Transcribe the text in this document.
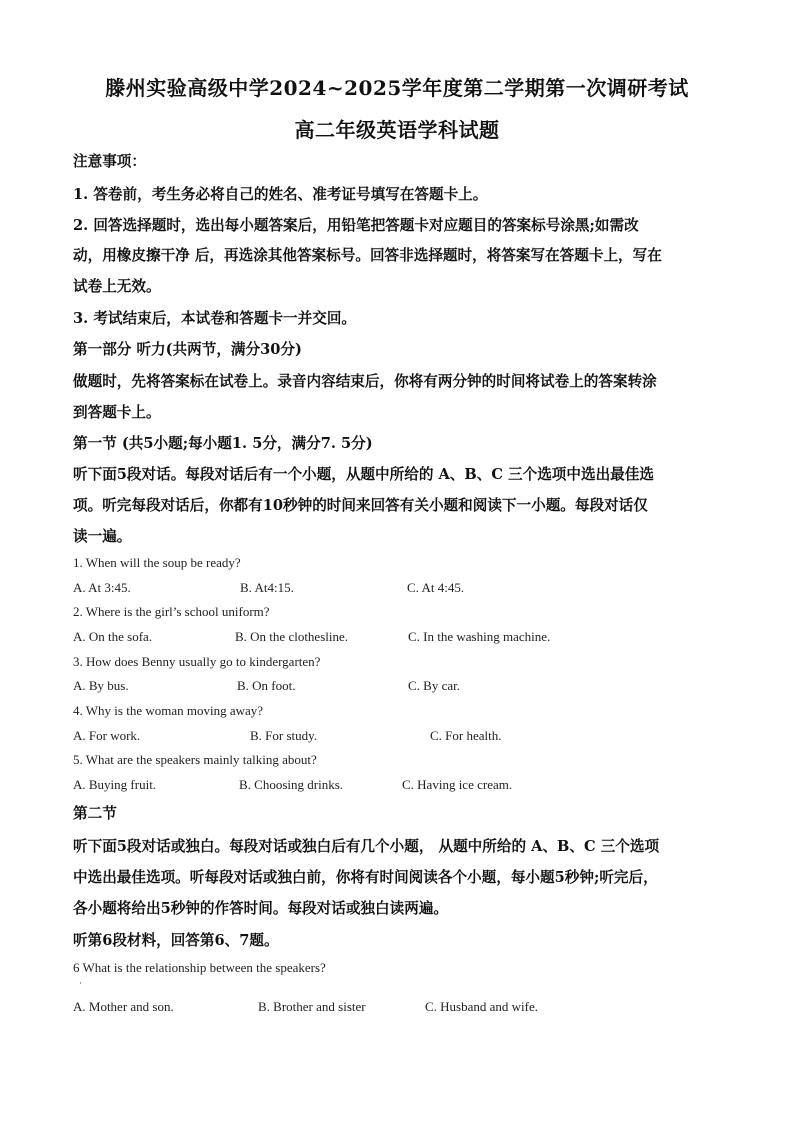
滕州实验高级中学2024~2025学年度第二学期第一次调研考试
高二年级英语学科试题
注意事项：
1. 答卷前，考生务必将自己的姓名、准考证号填写在答题卡上。
2. 回答选择题时，选出每小题答案后，用铅笔把答题卡对应题目的答案标号涂黑;如需改
动，用橡皮擦干净 后，再选涂其他答案标号。回答非选择题时，将答案写在答题卡上，写在
试卷上无效。
3. 考试结束后，本试卷和答题卡一并交回。
第一部分 听力(共两节，满分30分)
做题时，先将答案标在试卷上。录音内容结束后，你将有两分钟的时间将试卷上的答案转涂
到答题卡上。
第一节 (共5小题;每小题1. 5分，满分7. 5分)
听下面5段对话。每段对话后有一个小题，从题中所给的 A、B、C 三个选项中选出最佳选
项。听完每段对话后，你都有10秒钟的时间来回答有关小题和阅读下一小题。每段对话仅
读一遍。
1. When will the soup be ready?
A. At 3:45.	B. At4:15.	C. At 4:45.
2. Where is the girl’s school uniform?
A. On the sofa.	B. On the clothesline.	C. In the washing machine.
3. How does Benny usually go to kindergarten?
A. By bus.	B. On foot.	C. By car.
4. Why is the woman moving away?
A. For work.	B. For study.	C. For health.
5. What are the speakers mainly talking about?
A. Buying fruit.	B. Choosing drinks.	C. Having ice cream.
第二节
听下面5段对话或独白。每段对话或独白后有几个小题， 从题中所给的 A、B、C 三个选项
中选出最佳选项。听每段对话或独白前，你将有时间阅读各个小题，每小题5秒钟;听完后，
各小题将给出5秒钟的作答时间。每段对话或独白读两遍。
听第6段材料，回答第6、7题。
6 What is the relationship between the speakers?
·
A. Mother and son.	B. Brother and sister	C. Husband and wife.
